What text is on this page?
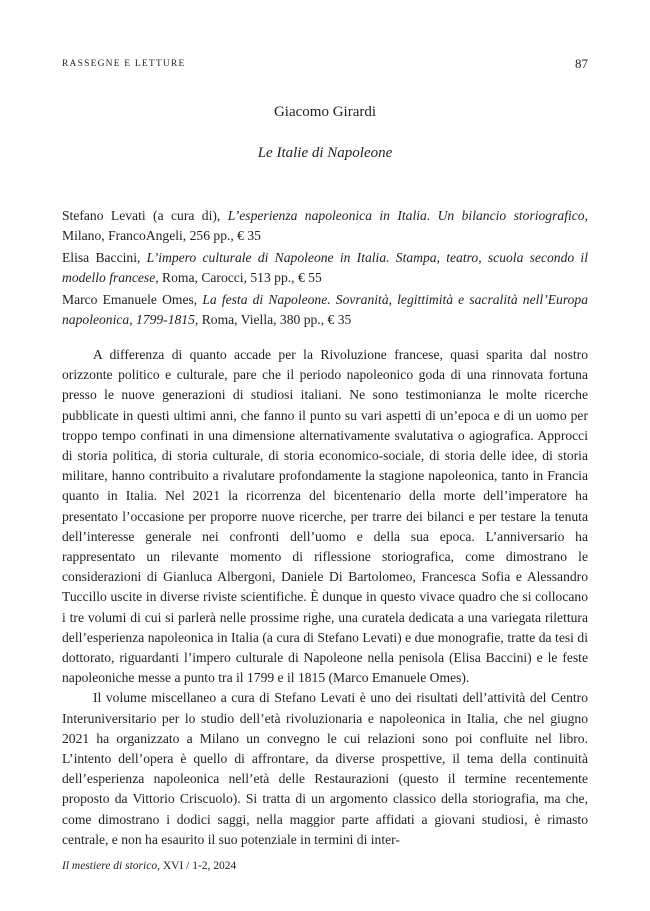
RASSEGNE E LETTURE	87
Giacomo Girardi
Le Italie di Napoleone

Stefano Levati (a cura di), L’esperienza napoleonica in Italia. Un bilancio storiografico, Milano, FrancoAngeli, 256 pp., € 35

Elisa Baccini, L’impero culturale di Napoleone in Italia. Stampa, teatro, scuola secondo il modello francese, Roma, Carocci, 513 pp., € 55

Marco Emanuele Omes, La festa di Napoleone. Sovranità, legittimità e sacralità nell’Europa napoleonica, 1799-1815, Roma, Viella, 380 pp., € 35

A differenza di quanto accade per la Rivoluzione francese, quasi sparita dal nostro orizzonte politico e culturale, pare che il periodo napoleonico goda di una rinnovata fortuna presso le nuove generazioni di studiosi italiani. Ne sono testimonianza le molte ricerche pubblicate in questi ultimi anni, che fanno il punto su vari aspetti di un’epoca e di un uomo per troppo tempo confinati in una dimensione alternativamente svalutativa o agiografica. Approcci di storia politica, di storia culturale, di storia economico-sociale, di storia delle idee, di storia militare, hanno contribuito a rivalutare profondamente la stagione napoleonica, tanto in Francia quanto in Italia. Nel 2021 la ricorrenza del bicentenario della morte dell’imperatore ha presentato l’occasione per proporre nuove ricerche, per trarre dei bilanci e per testare la tenuta dell’interesse generale nei confronti dell’uomo e della sua epoca. L’anniversario ha rappresentato un rilevante momento di riflessione storiografica, come dimostrano le considerazioni di Gianluca Albergoni, Daniele Di Bartolomeo, Francesca Sofia e Alessandro Tuccillo uscite in diverse riviste scientifiche. È dunque in questo vivace quadro che si collocano i tre volumi di cui si parlerà nelle prossime righe, una curatela dedicata a una variegata rilettura dell’esperienza napoleonica in Italia (a cura di Stefano Levati) e due monografie, tratte da tesi di dottorato, riguardanti l’impero culturale di Napoleone nella penisola (Elisa Baccini) e le feste napoleoniche messe a punto tra il 1799 e il 1815 (Marco Emanuele Omes).

Il volume miscellaneo a cura di Stefano Levati è uno dei risultati dell’attività del Centro Interuniversitario per lo studio dell’età rivoluzionaria e napoleonica in Italia, che nel giugno 2021 ha organizzato a Milano un convegno le cui relazioni sono poi confluite nel libro. L’intento dell’opera è quello di affrontare, da diverse prospettive, il tema della continuità dell’esperienza napoleonica nell’età delle Restaurazioni (questo il termine recentemente proposto da Vittorio Criscuolo). Si tratta di un argomento classico della storiografia, ma che, come dimostrano i dodici saggi, nella maggior parte affidati a giovani studiosi, è rimasto centrale, e non ha esaurito il suo potenziale in termini di inter-

Il mestiere di storico, XVI / 1-2, 2024
